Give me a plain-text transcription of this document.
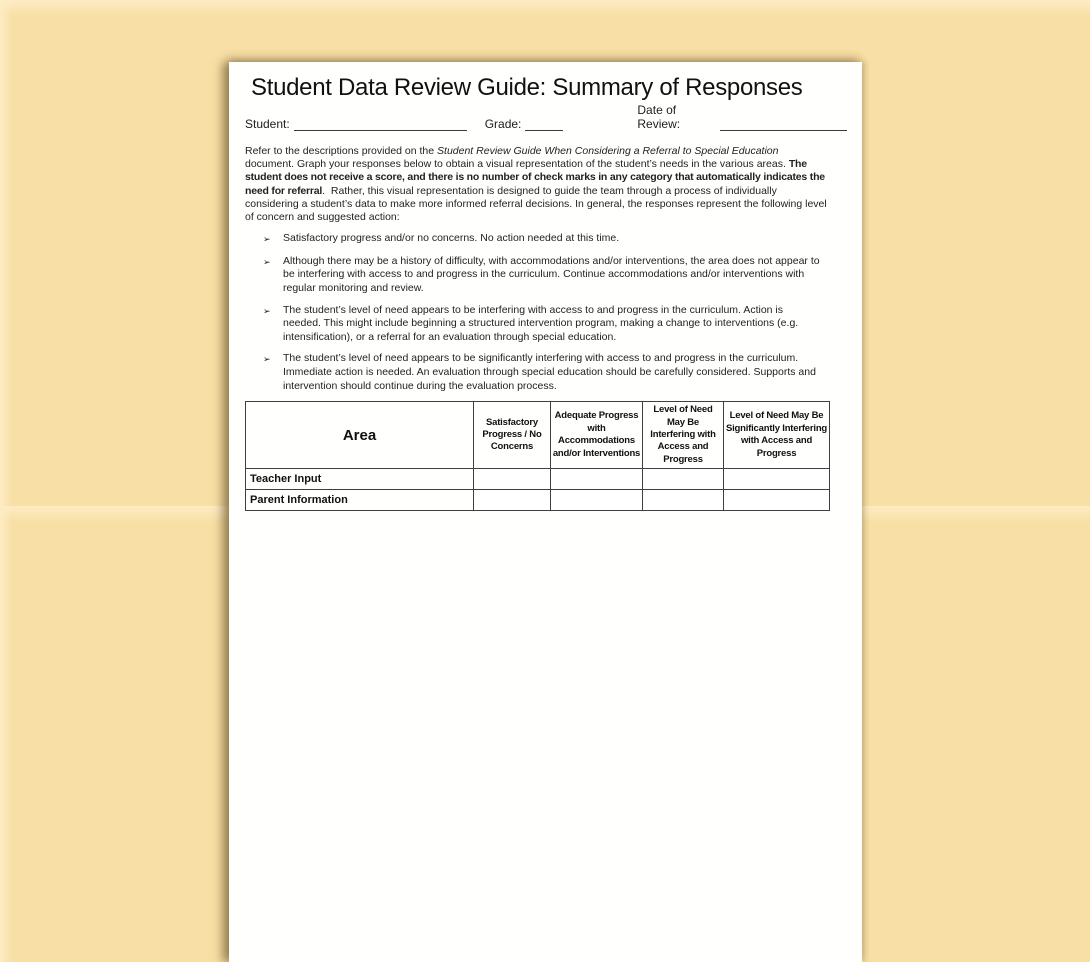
Student Data Review Guide: Summary of Responses
Student:	Grade:
Date of Review:

Refer to the descriptions provided on the Student Review Guide When Considering a Referral to Special Education document. Graph your responses below to obtain a visual representation of the student’s needs in the various areas. The student does not receive a score, and there is no number of check marks in any category that automatically indicates the need for referral.  Rather, this visual representation is designed to guide the team through a process of individually considering a student’s data to make more informed referral decisions. In general, the responses represent the following level of concern and suggested action:

➢	Satisfactory progress and/or no concerns. No action needed at this time.
➢	Although there may be a history of difficulty, with accommodations and/or interventions, the area does not appear to be interfering with access to and progress in the curriculum. Continue accommodations and/or interventions with regular monitoring and review.
➢	The student’s level of need appears to be interfering with access to and progress in the curriculum. Action is needed. This might include beginning a structured intervention program, making a change to interventions (e.g. intensification), or a referral for an evaluation through special education.
➢	The student’s level of need appears to be significantly interfering with access to and progress in the curriculum. Immediate action is needed. An evaluation through special education should be carefully considered. Supports and intervention should continue during the evaluation process.
Area	Satisfactory Progress / No Concerns	Adequate Progress with Accommodations and/or Interventions	Level of Need May Be Interfering with Access and Progress	Level of Need May Be Significantly Interfering with Access and Progress
Teacher Input				
Parent Information				
